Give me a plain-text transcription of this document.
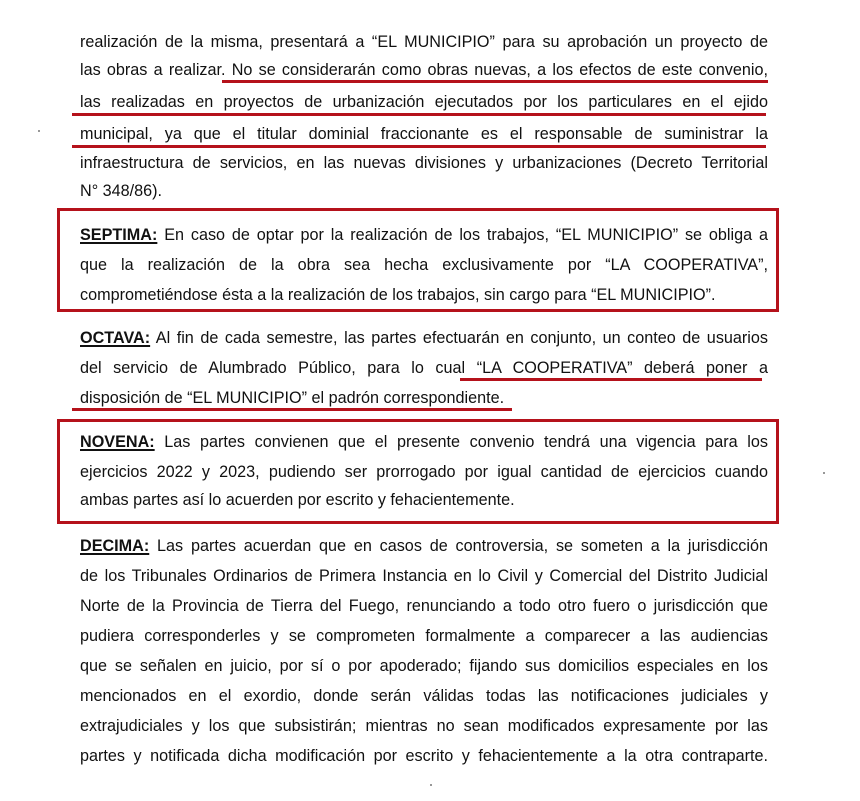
realización de la misma, presentará a “EL MUNICIPIO” para su aprobación un proyecto de
las obras a realizar. No se considerarán como obras nuevas, a los efectos de este convenio,
las realizadas en proyectos de urbanización ejecutados por los particulares en el ejido
municipal, ya que el titular dominial fraccionante es el responsable de suministrar la
infraestructura de servicios, en las nuevas divisiones y urbanizaciones (Decreto Territorial
N° 348/86).
SEPTIMA: En caso de optar por la realización de los trabajos, “EL MUNICIPIO” se obliga a
que la realización de la obra sea hecha exclusivamente por “LA COOPERATIVA”,
comprometiéndose ésta a la realización de los trabajos, sin cargo para “EL MUNICIPIO”.
OCTAVA: Al fin de cada semestre, las partes efectuarán en conjunto, un conteo de usuarios
del servicio de Alumbrado Público, para lo cual “LA COOPERATIVA” deberá poner a
disposición de “EL MUNICIPIO” el padrón correspondiente.
NOVENA: Las partes convienen que el presente convenio tendrá una vigencia para los
ejercicios 2022 y 2023, pudiendo ser prorrogado por igual cantidad de ejercicios cuando
ambas partes así lo acuerden por escrito y fehacientemente.
DECIMA: Las partes acuerdan que en casos de controversia, se someten a la jurisdicción
de los Tribunales Ordinarios de Primera Instancia en lo Civil y Comercial del Distrito Judicial
Norte de la Provincia de Tierra del Fuego, renunciando a todo otro fuero o jurisdicción que
pudiera corresponderles y se comprometen formalmente a comparecer a las audiencias
que se señalen en juicio, por sí o por apoderado; fijando sus domicilios especiales en los
mencionados en el exordio, donde serán válidas todas las notificaciones judiciales y
extrajudiciales y los que subsistirán; mientras no sean modificados expresamente por las
partes y notificada dicha modificación por escrito y fehacientemente a la otra contraparte.
